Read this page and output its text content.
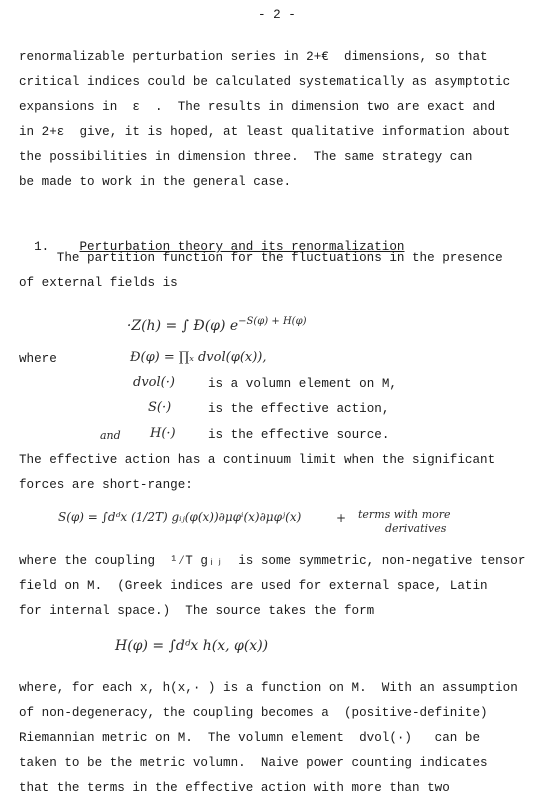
- 2 -
renormalizable perturbation series in 2+€  dimensions, so that
critical indices could be calculated systematically as asymptotic
expansions in  ε  .  The results in dimension two are exact and
in 2+ε  give, it is hoped, at least qualitative information about
the possibilities in dimension three.  The same strategy can
be made to work in the general case.

1. Perturbation theory and its renormalization

The partition function for the fluctuations in the presence
of external fields is

·Z(h) = ∫ Đ(φ) $e^{-S(\varphi) + H(\varphi)}$

where	Đ(φ) = ∏ₓ dvol(φ(x)),
dvol(·)	is a volumn element on M,
S(·)	is the effective action,
and H(·)	is the effective source.
The effective action has a continuum limit when the significant
forces are short-range:
S(φ) = ∫dᵈx (1/2T) gᵢⱼ(φ(x))∂μφⁱ(x)∂μφʲ(x)	+ terms with more
derivatives
where the coupling  ¹⁄T gᵢⱼ  is some symmetric, non-negative tensor
field on M.  (Greek indices are used for external space, Latin
for internal space.)  The source takes the form
H(φ) = ∫dᵈx h(x, φ(x))
where, for each x, h(x,· ) is a function on M.  With an assumption
of non-degeneracy, the coupling becomes a  (positive-definite)
Riemannian metric on M.  The volumn element  dvol(·)   can be
taken to be the metric volumn.  Naive power counting indicates
that the terms in the effective action with more than two
